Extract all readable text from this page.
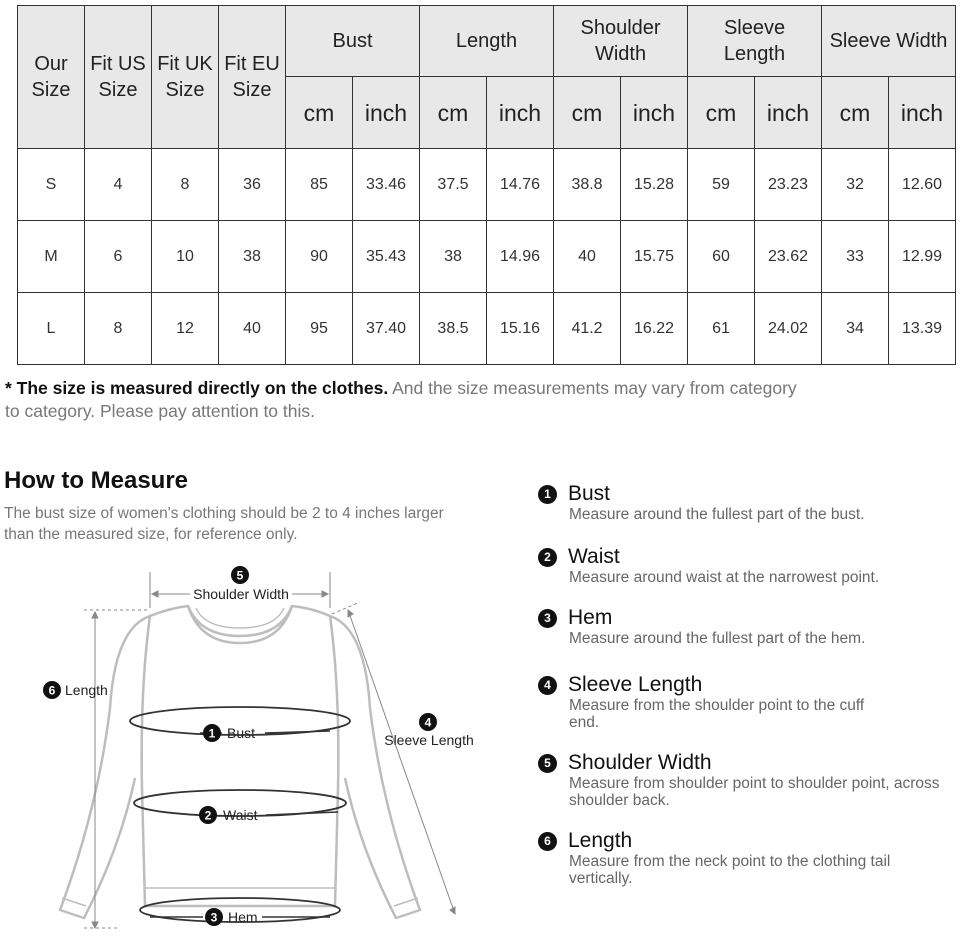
Our Size	Fit US Size	Fit UK Size	Fit EU Size	Bust		Length		Shoulder Width		Sleeve Length		Sleeve Width	
				cm	inch	cm	inch	cm	inch	cm	inch	cm	inch
S	4	8	36	85	33.46	37.5	14.76	38.8	15.28	59	23.23	32	12.60
M	6	10	38	90	35.43	38	14.96	40	15.75	60	23.62	33	12.99
L	8	12	40	95	37.40	38.5	15.16	41.2	16.22	61	24.02	34	13.39
* The size is measured directly on the clothes. And the size measurements may vary from category to category. Please pay attention to this.
How to Measure
The bust size of women's clothing should be 2 to 4 inches larger than the measured size, for reference only.
5
Shoulder Width
6 Length
1 Bust
2 Waist
4
Sleeve Length
3 Hem
1 Bust
Measure around the fullest part of the bust.
2 Waist
Measure around waist at the narrowest point.
3 Hem
Measure around the fullest part of the hem.
4 Sleeve Length
Measure from the shoulder point to the cuff end.
5 Shoulder Width
Measure from shoulder point to shoulder point, across shoulder back.
6 Length
Measure from the neck point to the clothing tail vertically.
